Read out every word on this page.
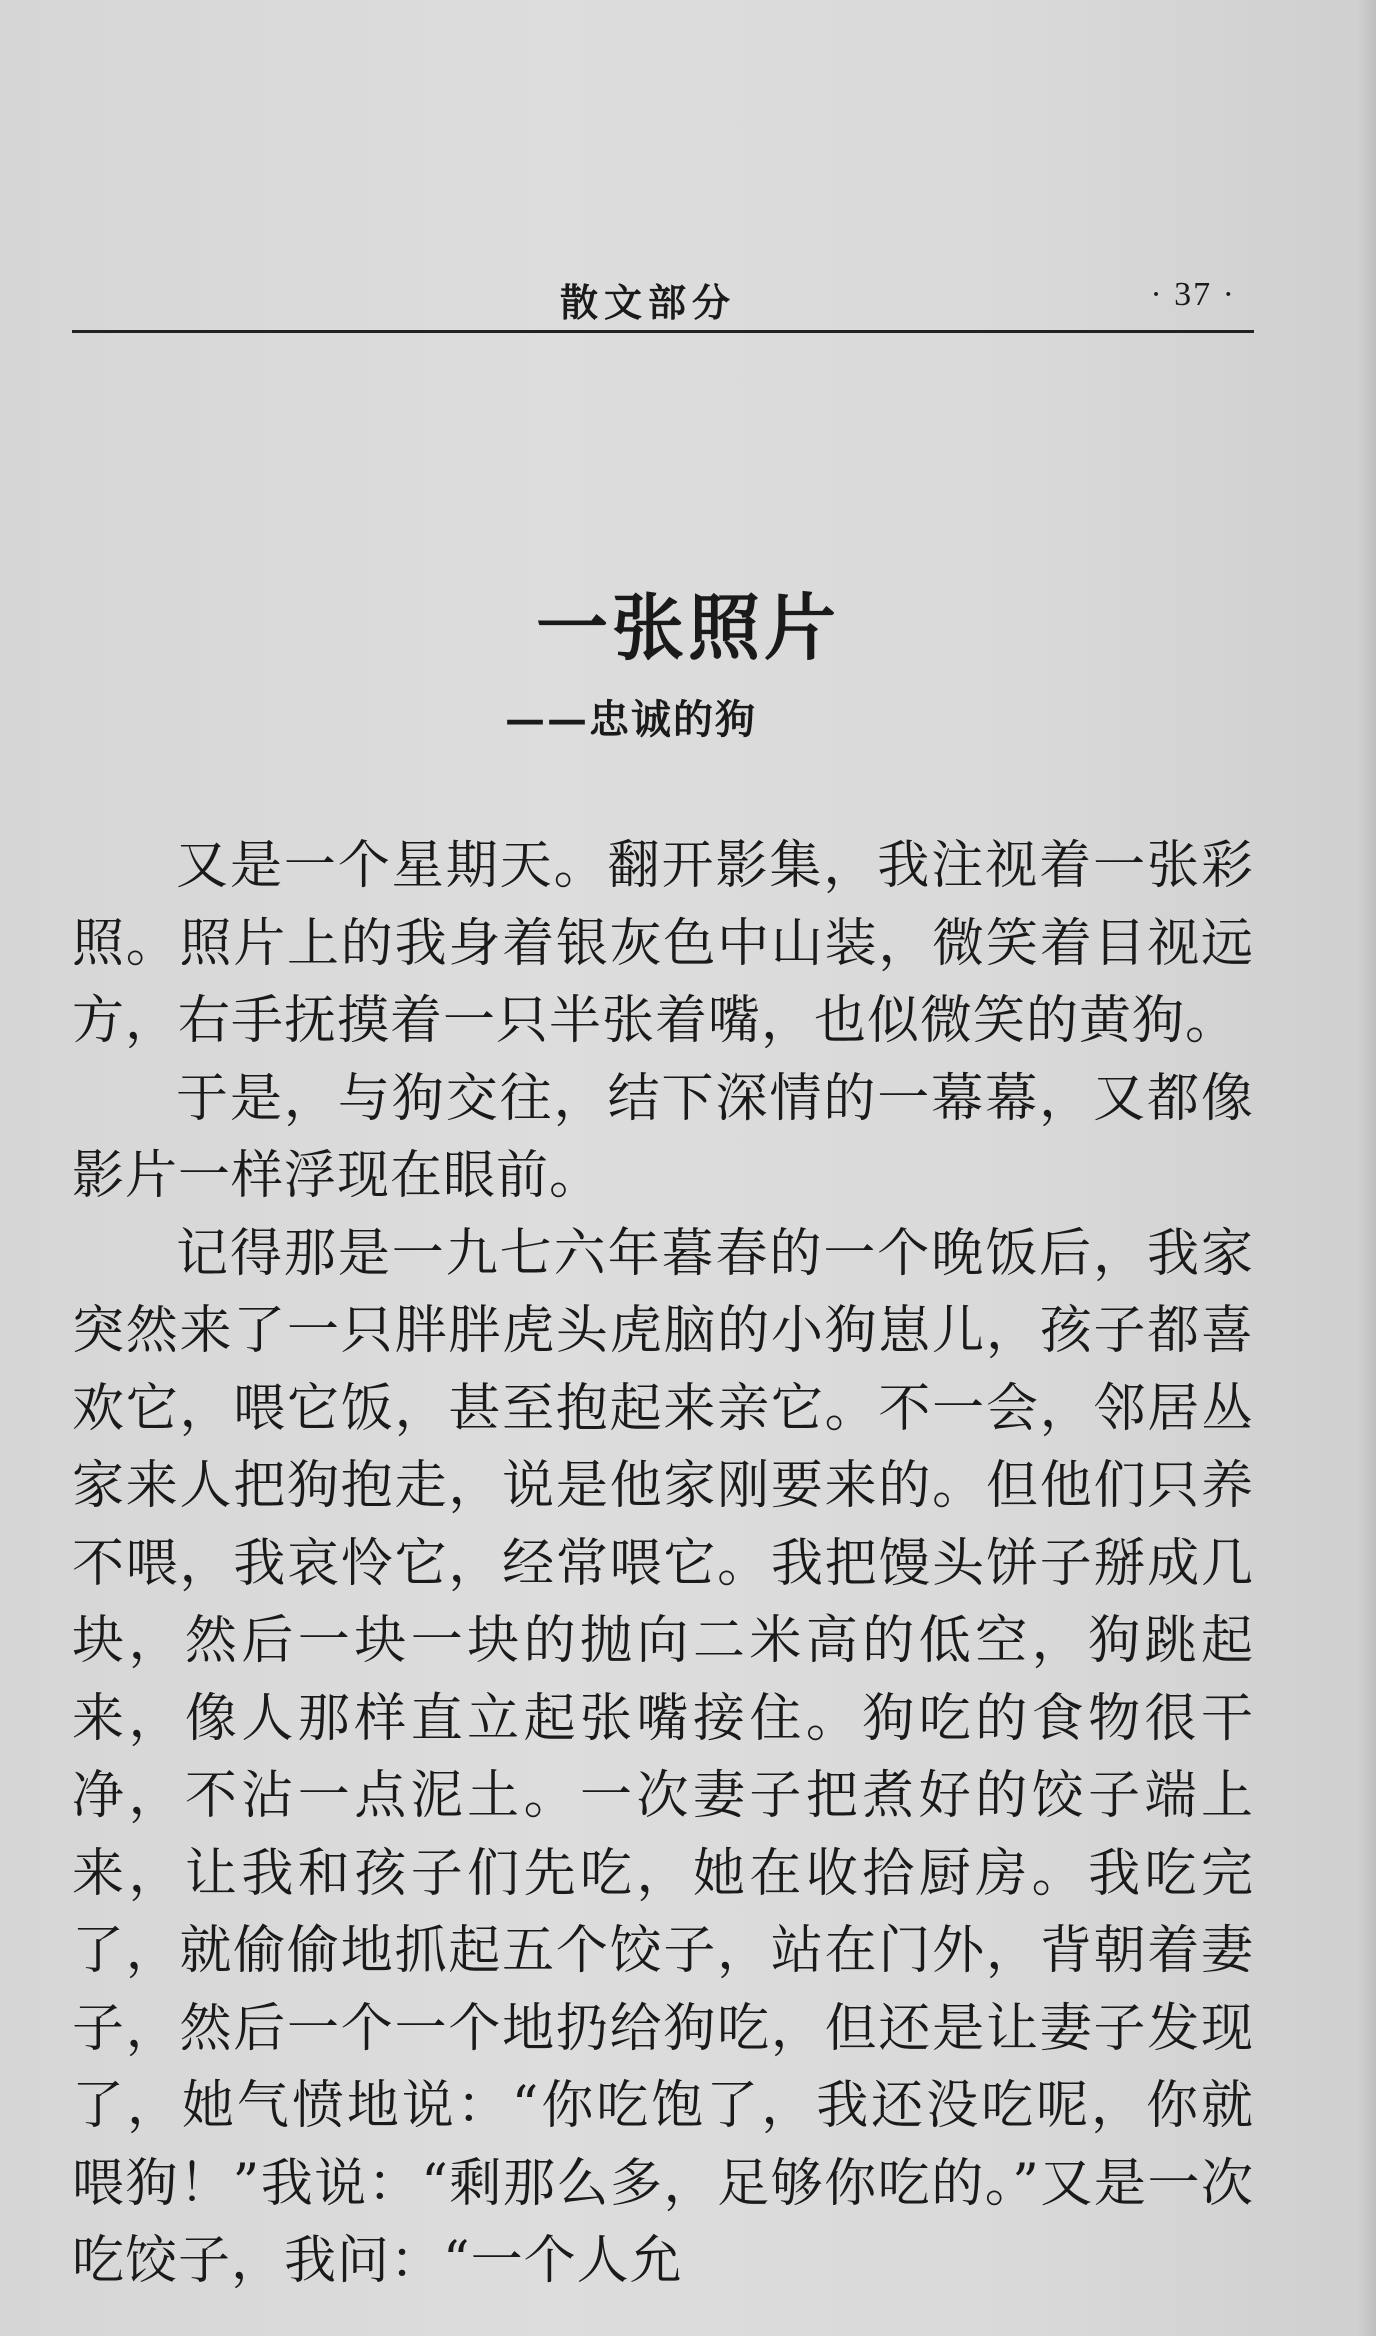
散文部分	· 37 ·
一张照片
——忠诚的狗

又是一个星期天。翻开影集，我注视着一张彩照。照片上的我身着银灰色中山装，微笑着目视远方，右手抚摸着一只半张着嘴，也似微笑的黄狗。

于是，与狗交往，结下深情的一幕幕，又都像影片一样浮现在眼前。

记得那是一九七六年暮春的一个晚饭后，我家突然来了一只胖胖虎头虎脑的小狗崽儿，孩子都喜欢它，喂它饭，甚至抱起来亲它。不一会，邻居丛家来人把狗抱走，说是他家刚要来的。但他们只养不喂，我哀怜它，经常喂它。我把馒头饼子掰成几块，然后一块一块的抛向二米高的低空，狗跳起来，像人那样直立起张嘴接住。狗吃的食物很干净，不沾一点泥土。一次妻子把煮好的饺子端上来，让我和孩子们先吃，她在收拾厨房。我吃完了，就偷偷地抓起五个饺子，站在门外，背朝着妻子，然后一个一个地扔给狗吃，但还是让妻子发现了，她气愤地说：“你吃饱了，我还没吃呢，你就喂狗！”我说：“剩那么多，足够你吃的。”又是一次吃饺子，我问：“一个人允
